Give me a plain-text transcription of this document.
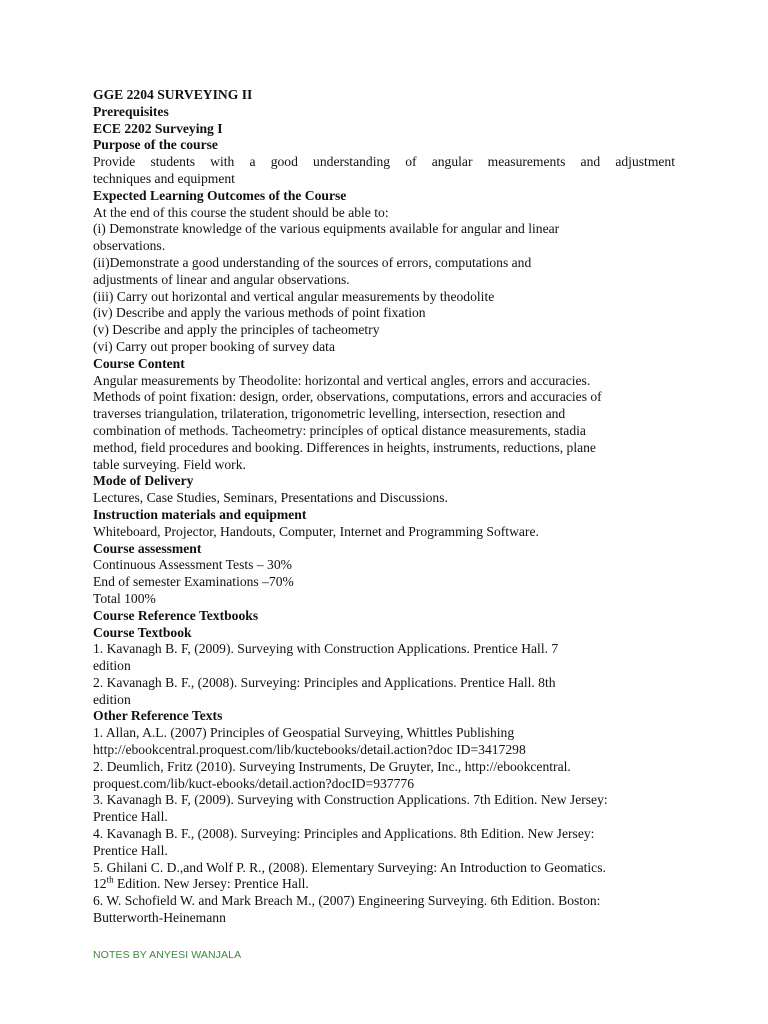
GGE 2204 SURVEYING II

Prerequisites

ECE 2202 Surveying I

Purpose of the course

Provide students with a good understanding of angular measurements and adjustment

techniques and equipment

Expected Learning Outcomes of the Course

At the end of this course the student should be able to:

(i) Demonstrate knowledge of the various equipments available for angular and linear

observations.

(ii)Demonstrate a good understanding of the sources of errors, computations and

adjustments of linear and angular observations.

(iii) Carry out horizontal and vertical angular measurements by theodolite

(iv) Describe and apply the various methods of point fixation

(v) Describe and apply the principles of tacheometry

(vi) Carry out proper booking of survey data

Course Content

Angular measurements by Theodolite: horizontal and vertical angles, errors and accuracies.

Methods of point fixation: design, order, observations, computations, errors and accuracies of

traverses triangulation, trilateration, trigonometric levelling, intersection, resection and

combination of methods. Tacheometry: principles of optical distance measurements, stadia

method, field procedures and booking. Differences in heights, instruments, reductions, plane

table surveying. Field work.

Mode of Delivery

Lectures, Case Studies, Seminars, Presentations and Discussions.

Instruction materials and equipment

Whiteboard, Projector, Handouts, Computer, Internet and Programming Software.

Course assessment

Continuous Assessment Tests – 30%

End of semester Examinations –70%

Total 100%

Course Reference Textbooks

Course Textbook

1. Kavanagh B. F, (2009). Surveying with Construction Applications. Prentice Hall. 7

edition

2. Kavanagh B. F., (2008). Surveying: Principles and Applications. Prentice Hall. 8th

edition

Other Reference Texts

1. Allan, A.L. (2007) Principles of Geospatial Surveying, Whittles Publishing

http://ebookcentral.proquest.com/lib/kuctebooks/detail.action?doc ID=3417298

2. Deumlich, Fritz (2010). Surveying Instruments, De Gruyter, Inc., http://ebookcentral.

proquest.com/lib/kuct-ebooks/detail.action?docID=937776

3. Kavanagh B. F, (2009). Surveying with Construction Applications. 7th Edition. New Jersey:

Prentice Hall.

4. Kavanagh B. F., (2008). Surveying: Principles and Applications. 8th Edition. New Jersey:

Prentice Hall.

5. Ghilani C. D.,and Wolf P. R., (2008). Elementary Surveying: An Introduction to Geomatics.

12th Edition. New Jersey: Prentice Hall.

6. W. Schofield W. and Mark Breach M., (2007) Engineering Surveying. 6th Edition. Boston:

Butterworth-Heinemann

NOTES BY ANYESI WANJALA
